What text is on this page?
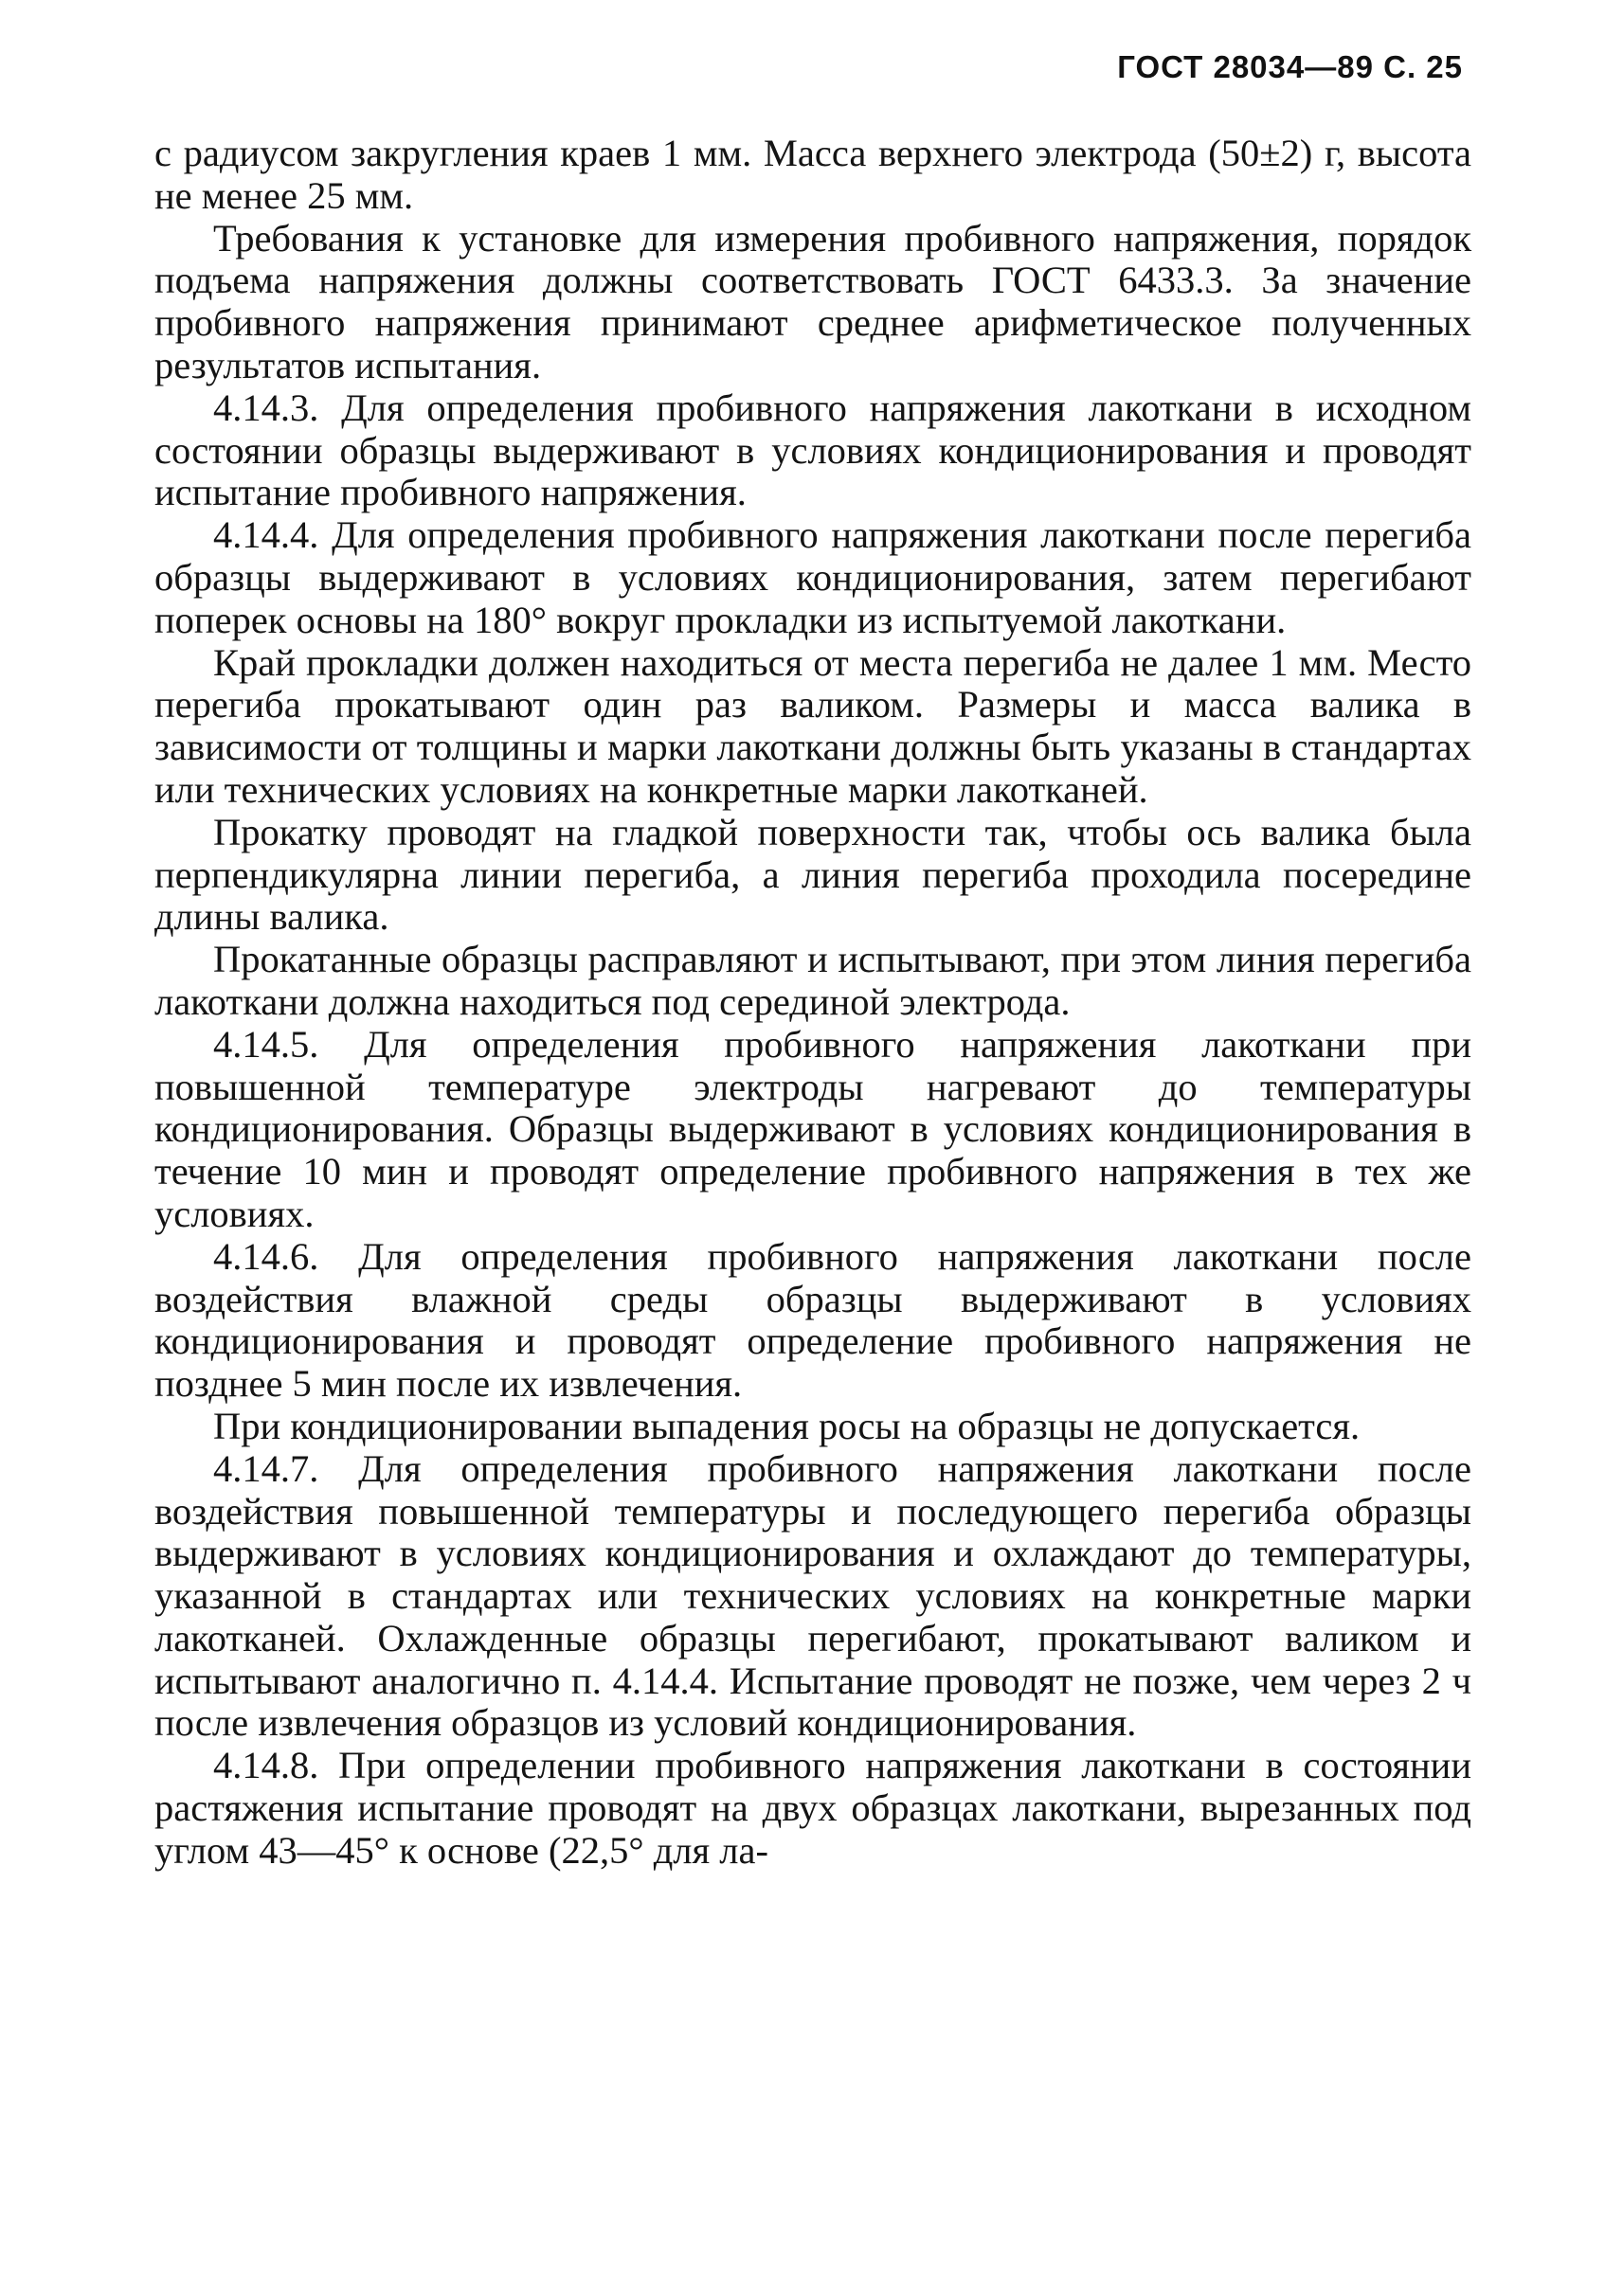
ГОСТ 28034—89 С. 25

с радиусом закругления краев 1 мм. Масса верхнего электрода (50±2) г, высота не менее 25 мм.

Требования к установке для измерения пробивного напряжения, порядок подъема напряжения должны соответствовать ГОСТ 6433.3. За значение пробивного напряжения принимают среднее арифметическое полученных результатов испытания.

4.14.3. Для определения пробивного напряжения лакоткани в исходном состоянии образцы выдерживают в условиях кондиционирования и проводят испытание пробивного напряжения.

4.14.4. Для определения пробивного напряжения лакоткани после перегиба образцы выдерживают в условиях кондиционирования, затем перегибают поперек основы на 180° вокруг прокладки из испытуемой лакоткани.

Край прокладки должен находиться от места перегиба не далее 1 мм. Место перегиба прокатывают один раз валиком. Размеры и масса валика в зависимости от толщины и марки лакоткани должны быть указаны в стандартах или технических условиях на конкретные марки лакотканей.

Прокатку проводят на гладкой поверхности так, чтобы ось валика была перпендикулярна линии перегиба, а линия перегиба проходила посередине длины валика.

Прокатанные образцы расправляют и испытывают, при этом линия перегиба лакоткани должна находиться под серединой электрода.

4.14.5. Для определения пробивного напряжения лакоткани при повышенной температуре электроды нагревают до температуры кондиционирования. Образцы выдерживают в условиях кондиционирования в течение 10 мин и проводят определение пробивного напряжения в тех же условиях.

4.14.6. Для определения пробивного напряжения лакоткани после воздействия влажной среды образцы выдерживают в условиях кондиционирования и проводят определение пробивного напряжения не позднее 5 мин после их извлечения.

При кондиционировании выпадения росы на образцы не допускается.

4.14.7. Для определения пробивного напряжения лакоткани после воздействия повышенной температуры и последующего перегиба образцы выдерживают в условиях кондиционирования и охлаждают до температуры, указанной в стандартах или технических условиях на конкретные марки лакотканей. Охлажденные образцы перегибают, прокатывают валиком и испытывают аналогично п. 4.14.4. Испытание проводят не позже, чем через 2 ч после извлечения образцов из условий кондиционирования.

4.14.8. При определении пробивного напряжения лакоткани в состоянии растяжения испытание проводят на двух образцах лакоткани, вырезанных под углом 43—45° к основе (22,5° для ла-
